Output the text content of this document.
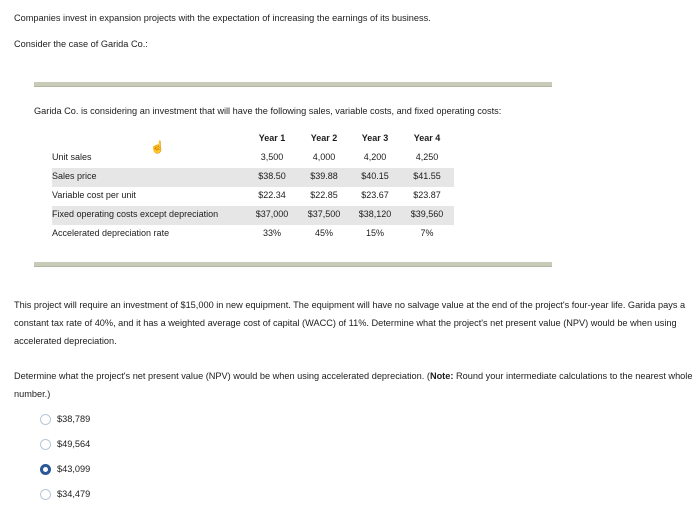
Companies invest in expansion projects with the expectation of increasing the earnings of its business.
Consider the case of Garida Co.:
Garida Co. is considering an investment that will have the following sales, variable costs, and fixed operating costs:
☝
Year 1	Year 2	Year 3	Year 4
Unit sales	3,500	4,000	4,200	4,250
Sales price	$38.50	$39.88	$40.15	$41.55
Variable cost per unit	$22.34	$22.85	$23.67	$23.87
Fixed operating costs except depreciation	$37,000	$37,500	$38,120	$39,560
Accelerated depreciation rate	33%	45%	15%	7%
This project will require an investment of $15,000 in new equipment. The equipment will have no salvage value at the end of the project's four-year life. Garida pays a constant tax rate of 40%, and it has a weighted average cost of capital (WACC) of 11%. Determine what the project's net present value (NPV) would be when using accelerated depreciation.
Determine what the project's net present value (NPV) would be when using accelerated depreciation. (Note: Round your intermediate calculations to the nearest whole number.)
$38,789
$49,564
$43,099
$34,479
